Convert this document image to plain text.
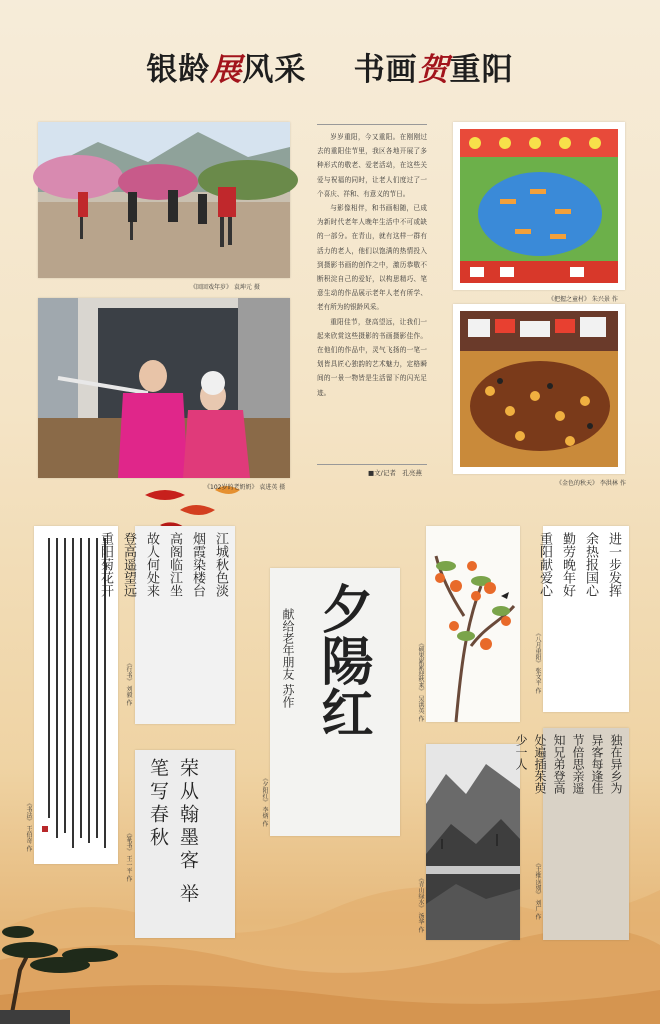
银龄展风采 书画贺重阳
《回回戏年岁》 袁坤元 摄
《102岁的老奶奶》 袁进英 摄

岁岁重阳，今又重阳。在刚刚过去的重阳佳节里，我区各地开展了多种形式的敬老、爱老活动，在这些关爱与祝福的同时，让老人们度过了一个喜庆、祥和、有意义的节日。

与影像相伴，和书画相随，已成为新时代老年人晚年生活中不可或缺的一部分。在青山，就有这样一群有活力的老人，他们以饱满的热情投入到摄影书画的创作之中，激历恭敬不断积淀自己的爱好，以构思精巧、笔意生动的作品展示老年人老有所学、老有所为的银龄风采。

重阳佳节，登高望远，让我们一起来欣赏这些摄影的书画摄影佳作。在他们的作品中，灵气飞扬的一笔一划皆具匠心独韵的艺术魅力，定格瞬间的一景一物皆是生活留下的闪光足迹。

■文/记者　孔亮燕
《把握之童村》 朱兴景 作
《金色的秋天》 李洪林 作
《书法》 王伯奇 作
江城秋色淡
烟霞染楼台
高阁临江坐
故人何处来
登高遥望远
重阳菊花开
《行书》 刘毅 作
荣从翰墨客 举笔写春秋
《篆书》 王一平 作
献给老年朋友 苏作 夕陽红
《夕阳红》 李炳 作
《硕果累累迎秋来》 吴洪英 作
《青山绿水》 汤华 作
进一步发挥
余热报国心
勤劳晚年好
重阳献爱心
《八月重阳》 张文平 作
独在异乡为
异客每逢佳
节倍思亲遥
知兄弟登高
处遍插茱萸
少一人
《王维·送别》 刘广 作
